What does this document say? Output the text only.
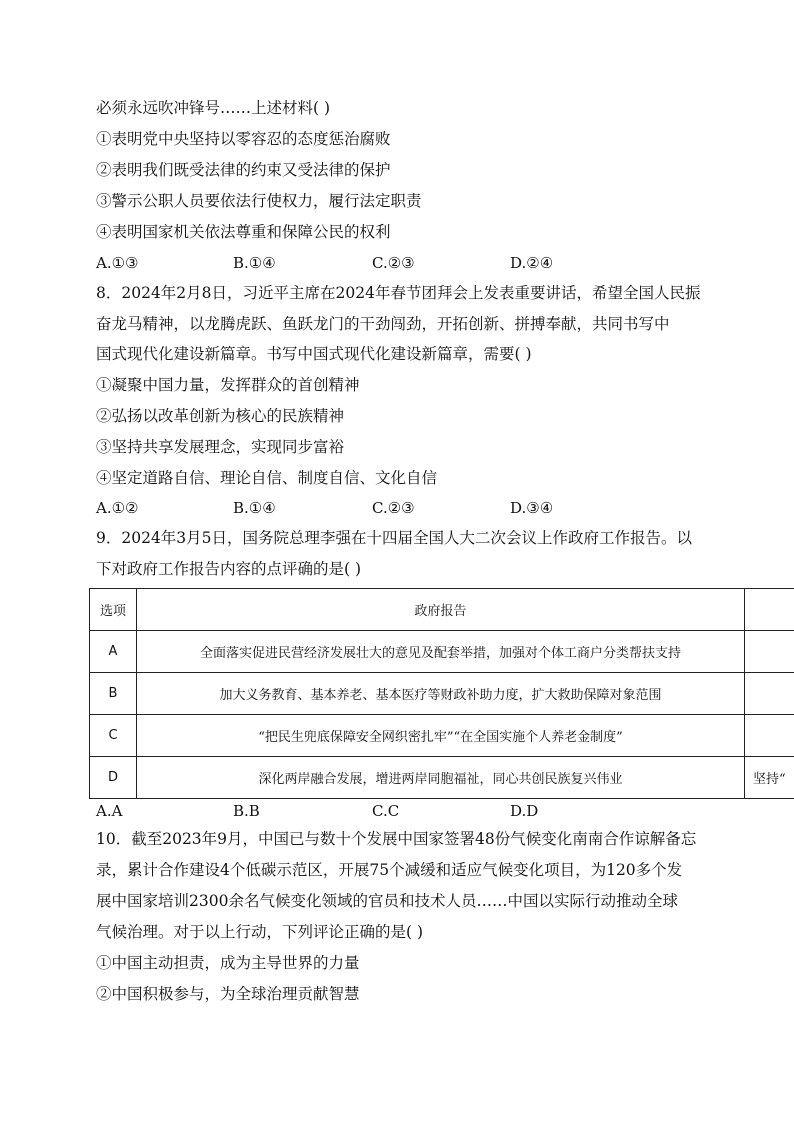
必须永远吹冲锋号……上述材料( )
①表明党中央坚持以零容忍的态度惩治腐败
②表明我们既受法律的约束又受法律的保护
③警示公职人员要依法行使权力，履行法定职责
④表明国家机关依法尊重和保障公民的权利
A.①③	B.①④	C.②③	D.②④
8．2024年2月8日，习近平主席在2024年春节团拜会上发表重要讲话，希望全国人民振
奋龙马精神，以龙腾虎跃、鱼跃龙门的干劲闯劲，开拓创新、拼搏奉献，共同书写中
国式现代化建设新篇章。书写中国式现代化建设新篇章，需要( )
①凝聚中国力量，发挥群众的首创精神
②弘扬以改革创新为核心的民族精神
③坚持共享发展理念，实现同步富裕
④坚定道路自信、理论自信、制度自信、文化自信
A.①②	B.①④	C.②③	D.③④
9．2024年3月5日，国务院总理李强在十四届全国人大二次会议上作政府工作报告。以
下对政府工作报告内容的点评确的是( )
选项	政府报告	
A	全面落实促进民营经济发展壮大的意见及配套举措，加强对个体工商户分类帮扶支持	
B	加大义务教育、基本养老、基本医疗等财政补助力度，扩大救助保障对象范围	
C	“把民生兜底保障安全网织密扎牢”“在全国实施个人养老金制度”	
D	深化两岸融合发展，增进两岸同胞福祉，同心共创民族复兴伟业	坚持“
A.A	B.B	C.C	D.D
10．截至2023年9月，中国已与数十个发展中国家签署48份气候变化南南合作谅解备忘
录，累计合作建设4个低碳示范区，开展75个减缓和适应气候变化项目，为120多个发
展中国家培训2300余名气候变化领域的官员和技术人员……中国以实际行动推动全球
气候治理。对于以上行动，下列评论正确的是( )
①中国主动担责，成为主导世界的力量
②中国积极参与，为全球治理贡献智慧
